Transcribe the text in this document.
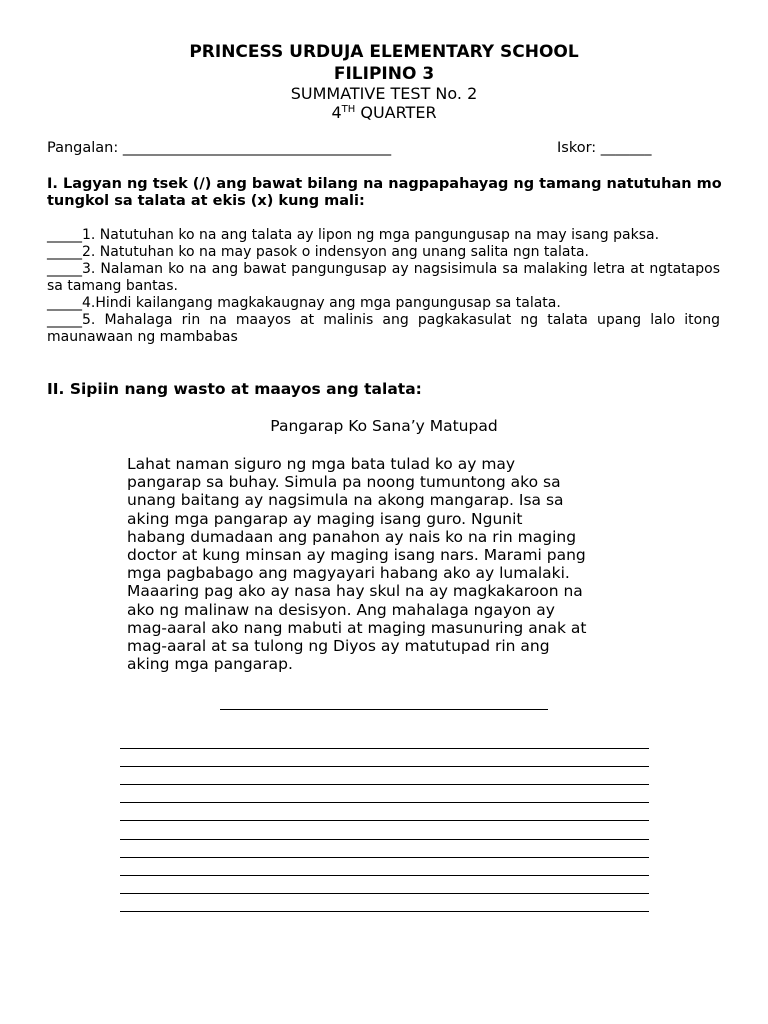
PRINCESS URDUJA ELEMENTARY SCHOOL
FILIPINO 3
SUMMATIVE TEST No. 2
4TH QUARTER
Pangalan: _____________________________________	Iskor: _______
I. Lagyan ng tsek (/) ang bawat bilang na nagpapahayag ng tamang natutuhan mo tungkol sa talata at ekis (x) kung mali:
_____1. Natutuhan ko na ang talata ay lipon ng mga pangungusap na may isang paksa.
_____2. Natutuhan ko na may pasok o indensyon ang unang salita ngn talata.
_____3. Nalaman ko na ang bawat pangungusap ay nagsisimula sa malaking letra at ngtatapos sa tamang bantas.
_____4.Hindi kailangang magkakaugnay ang mga pangungusap sa talata.
_____5. Mahalaga rin na maayos at malinis ang pagkakasulat ng talata upang lalo itong maunawaan ng mambabas
II. Sipiin nang wasto at maayos ang talata:
Pangarap Ko Sana’y Matupad
Lahat naman siguro ng mga bata tulad ko ay may
pangarap sa buhay. Simula pa noong tumuntong ako sa
unang baitang ay nagsimula na akong mangarap. Isa sa
aking mga pangarap ay maging isang guro. Ngunit
habang dumadaan ang panahon ay nais ko na rin maging
doctor at kung minsan ay maging isang nars. Marami pang
mga pagbabago ang magyayari habang ako ay lumalaki.
Maaaring pag ako ay nasa hay skul na ay magkakaroon na
ako ng malinaw na desisyon. Ang mahalaga ngayon ay
mag-aaral ako nang mabuti at maging masunuring anak at
mag-aaral at sa tulong ng Diyos ay matutupad rin ang
aking mga pangarap.
